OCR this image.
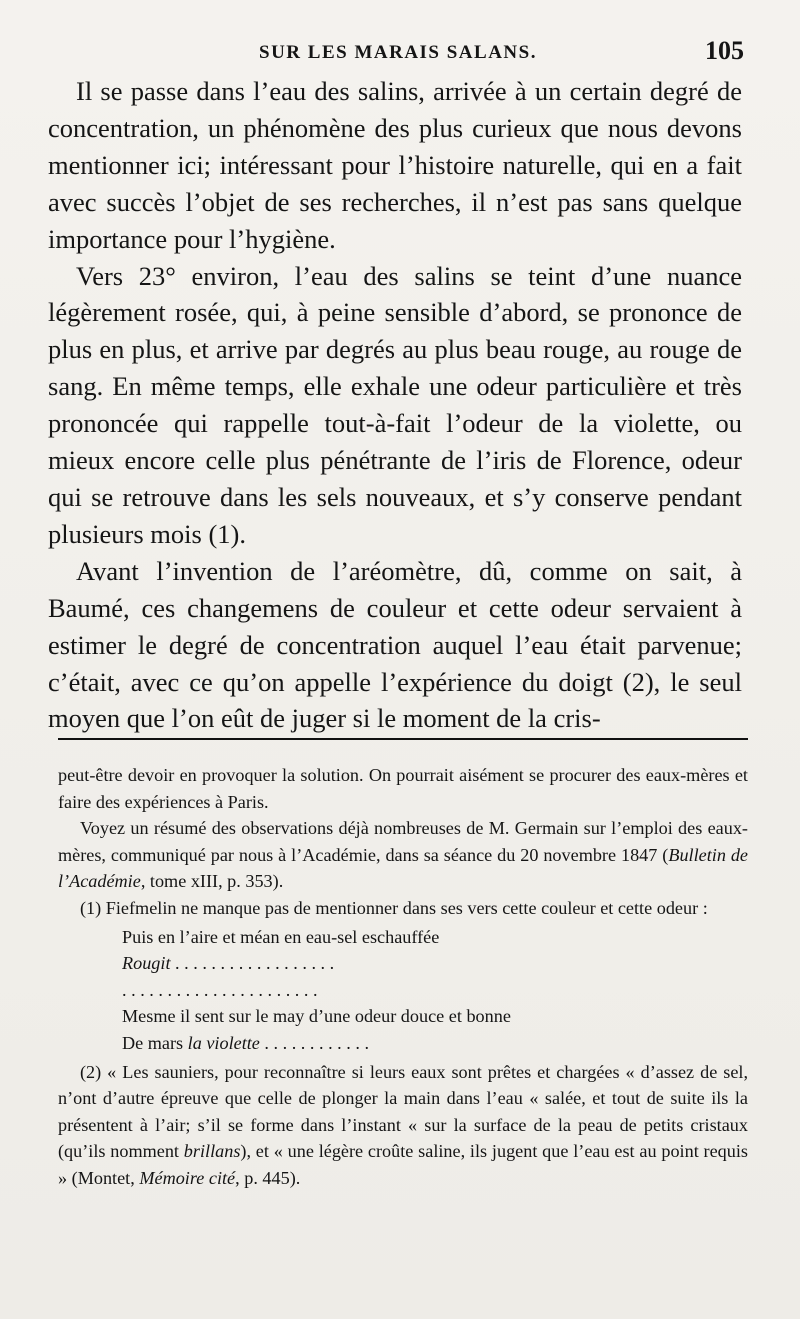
SUR LES MARAIS SALANS.	105

Il se passe dans l’eau des salins, arrivée à un certain degré de concentration, un phénomène des plus curieux que nous devons mentionner ici; intéressant pour l’histoire naturelle, qui en a fait avec succès l’objet de ses recherches, il n’est pas sans quelque importance pour l’hygiène.

Vers 23° environ, l’eau des salins se teint d’une nuance légèrement rosée, qui, à peine sensible d’abord, se prononce de plus en plus, et arrive par degrés au plus beau rouge, au rouge de sang. En même temps, elle exhale une odeur particulière et très prononcée qui rappelle tout-à-fait l’odeur de la violette, ou mieux encore celle plus pénétrante de l’iris de Florence, odeur qui se retrouve dans les sels nouveaux, et s’y conserve pendant plusieurs mois (1).

Avant l’invention de l’aréomètre, dû, comme on sait, à Baumé, ces changemens de couleur et cette odeur servaient à estimer le degré de concentration auquel l’eau était parvenue; c’était, avec ce qu’on appelle l’expérience du doigt (2), le seul moyen que l’on eût de juger si le moment de la cris-

peut-être devoir en provoquer la solution. On pourrait aisément se procurer des eaux-mères et faire des expériences à Paris.

Voyez un résumé des observations déjà nombreuses de M. Germain sur l’emploi des eaux-mères, communiqué par nous à l’Académie, dans sa séance du 20 novembre 1847 (Bulletin de l’Académie, tome xIII, p. 353).

(1) Fiefmelin ne manque pas de mentionner dans ses vers cette couleur et cette odeur :

Puis en l’aire et méan en eau-sel eschauffée
Rougit . . . . . . . . . . . . . . . . . .
. . . . . . . . . . . . . . . . . . . . . .
Mesme il sent sur le may d’une odeur douce et bonne
De mars la violette . . . . . . . . . . . .

(2) « Les sauniers, pour reconnaître si leurs eaux sont prêtes et chargées « d’assez de sel, n’ont d’autre épreuve que celle de plonger la main dans l’eau « salée, et tout de suite ils la présentent à l’air; s’il se forme dans l’instant « sur la surface de la peau de petits cristaux (qu’ils nomment brillans), et « une légère croûte saline, ils jugent que l’eau est au point requis » (Montet, Mémoire cité, p. 445).
